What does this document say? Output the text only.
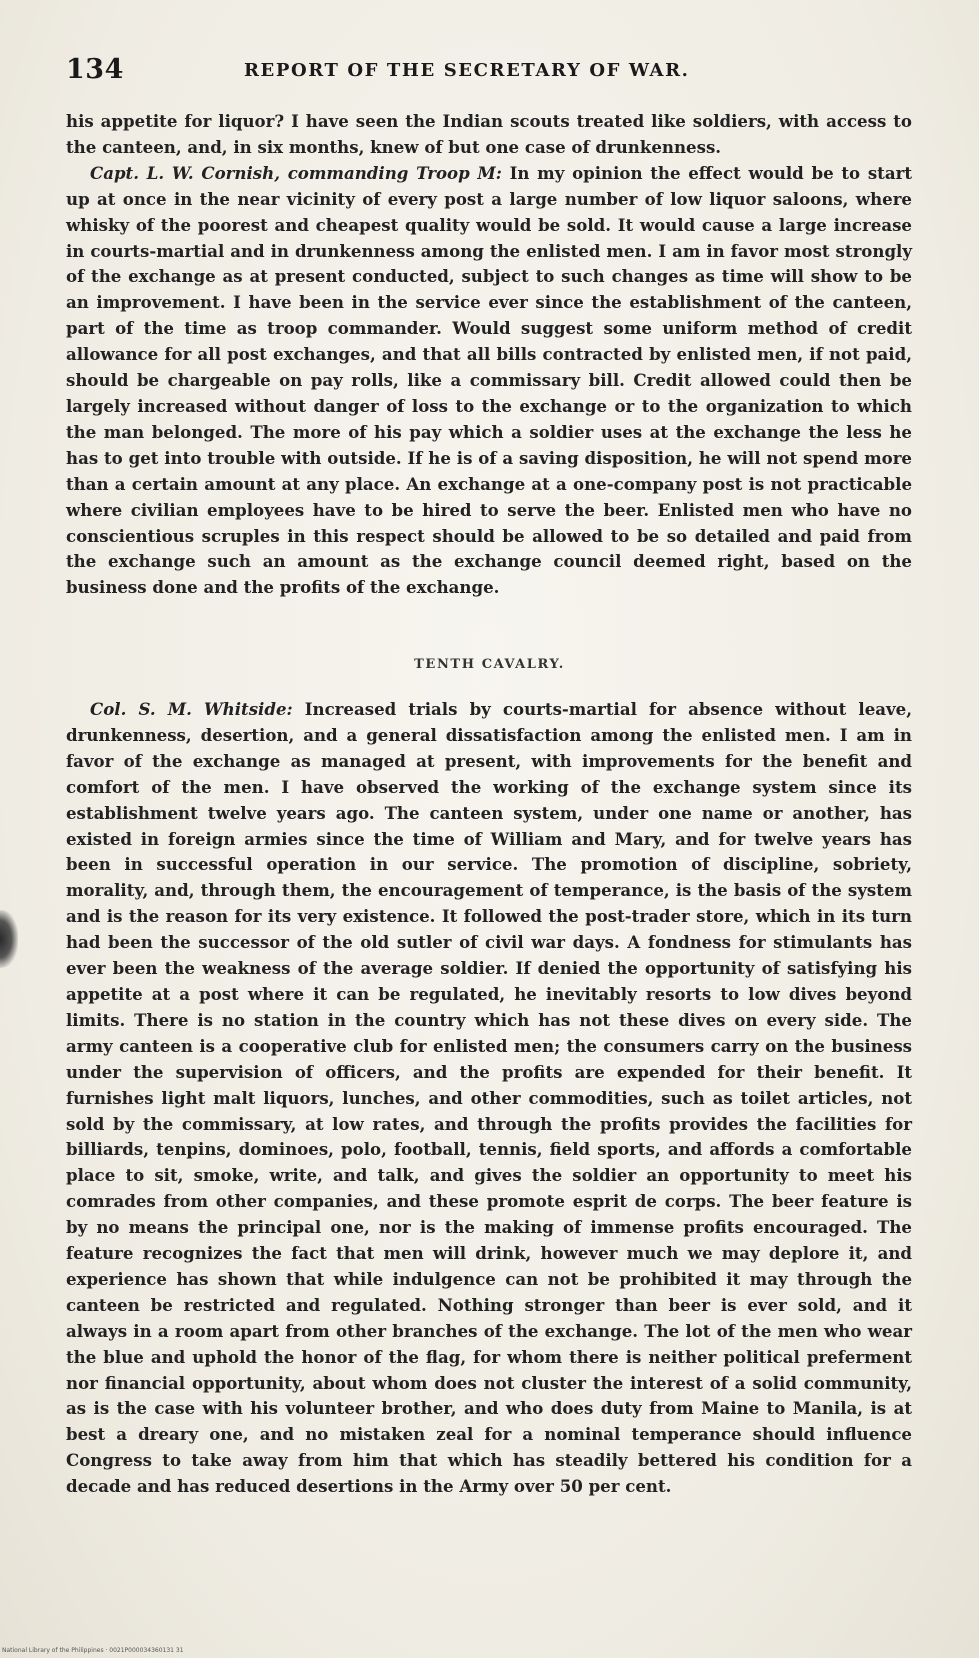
134	REPORT OF THE SECRETARY OF WAR.

his appetite for liquor? I have seen the Indian scouts treated like soldiers, with access to the canteen, and, in six months, knew of but one case of drunkenness.

Capt. L. W. Cornish, commanding Troop M: In my opinion the effect would be to start up at once in the near vicinity of every post a large number of low liquor saloons, where whisky of the poorest and cheapest quality would be sold. It would cause a large increase in courts-martial and in drunkenness among the enlisted men. I am in favor most strongly of the exchange as at present conducted, subject to such changes as time will show to be an improvement. I have been in the service ever since the establishment of the canteen, part of the time as troop commander. Would suggest some uniform method of credit allowance for all post exchanges, and that all bills contracted by enlisted men, if not paid, should be chargeable on pay rolls, like a commissary bill. Credit allowed could then be largely increased without danger of loss to the exchange or to the organization to which the man belonged. The more of his pay which a soldier uses at the exchange the less he has to get into trouble with outside. If he is of a saving disposition, he will not spend more than a certain amount at any place. An exchange at a one-company post is not practicable where civilian employees have to be hired to serve the beer. Enlisted men who have no conscientious scruples in this respect should be allowed to be so detailed and paid from the exchange such an amount as the exchange council deemed right, based on the business done and the profits of the exchange.

TENTH CAVALRY.

Col. S. M. Whitside: Increased trials by courts-martial for absence without leave, drunkenness, desertion, and a general dissatisfaction among the enlisted men. I am in favor of the exchange as managed at present, with improvements for the benefit and comfort of the men. I have observed the working of the exchange system since its establishment twelve years ago. The canteen system, under one name or another, has existed in foreign armies since the time of William and Mary, and for twelve years has been in successful operation in our service. The promotion of discipline, sobriety, morality, and, through them, the encouragement of temperance, is the basis of the system and is the reason for its very existence. It followed the post-trader store, which in its turn had been the successor of the old sutler of civil war days. A fondness for stimulants has ever been the weakness of the average soldier. If denied the opportunity of satisfying his appetite at a post where it can be regulated, he inevitably resorts to low dives beyond limits. There is no station in the country which has not these dives on every side. The army canteen is a cooperative club for enlisted men; the consumers carry on the business under the supervision of officers, and the profits are expended for their benefit. It furnishes light malt liquors, lunches, and other commodities, such as toilet articles, not sold by the commissary, at low rates, and through the profits provides the facilities for billiards, tenpins, dominoes, polo, football, tennis, field sports, and affords a comfortable place to sit, smoke, write, and talk, and gives the soldier an opportunity to meet his comrades from other companies, and these promote esprit de corps. The beer feature is by no means the principal one, nor is the making of immense profits encouraged. The feature recognizes the fact that men will drink, however much we may deplore it, and experience has shown that while indulgence can not be prohibited it may through the canteen be restricted and regulated. Nothing stronger than beer is ever sold, and it always in a room apart from other branches of the exchange. The lot of the men who wear the blue and uphold the honor of the flag, for whom there is neither political preferment nor financial opportunity, about whom does not cluster the interest of a solid community, as is the case with his volunteer brother, and who does duty from Maine to Manila, is at best a dreary one, and no mistaken zeal for a nominal temperance should influence Congress to take away from him that which has steadily bettered his condition for a decade and has reduced desertions in the Army over 50 per cent.

National Library of the Philippines · 0021P000034360131 31
